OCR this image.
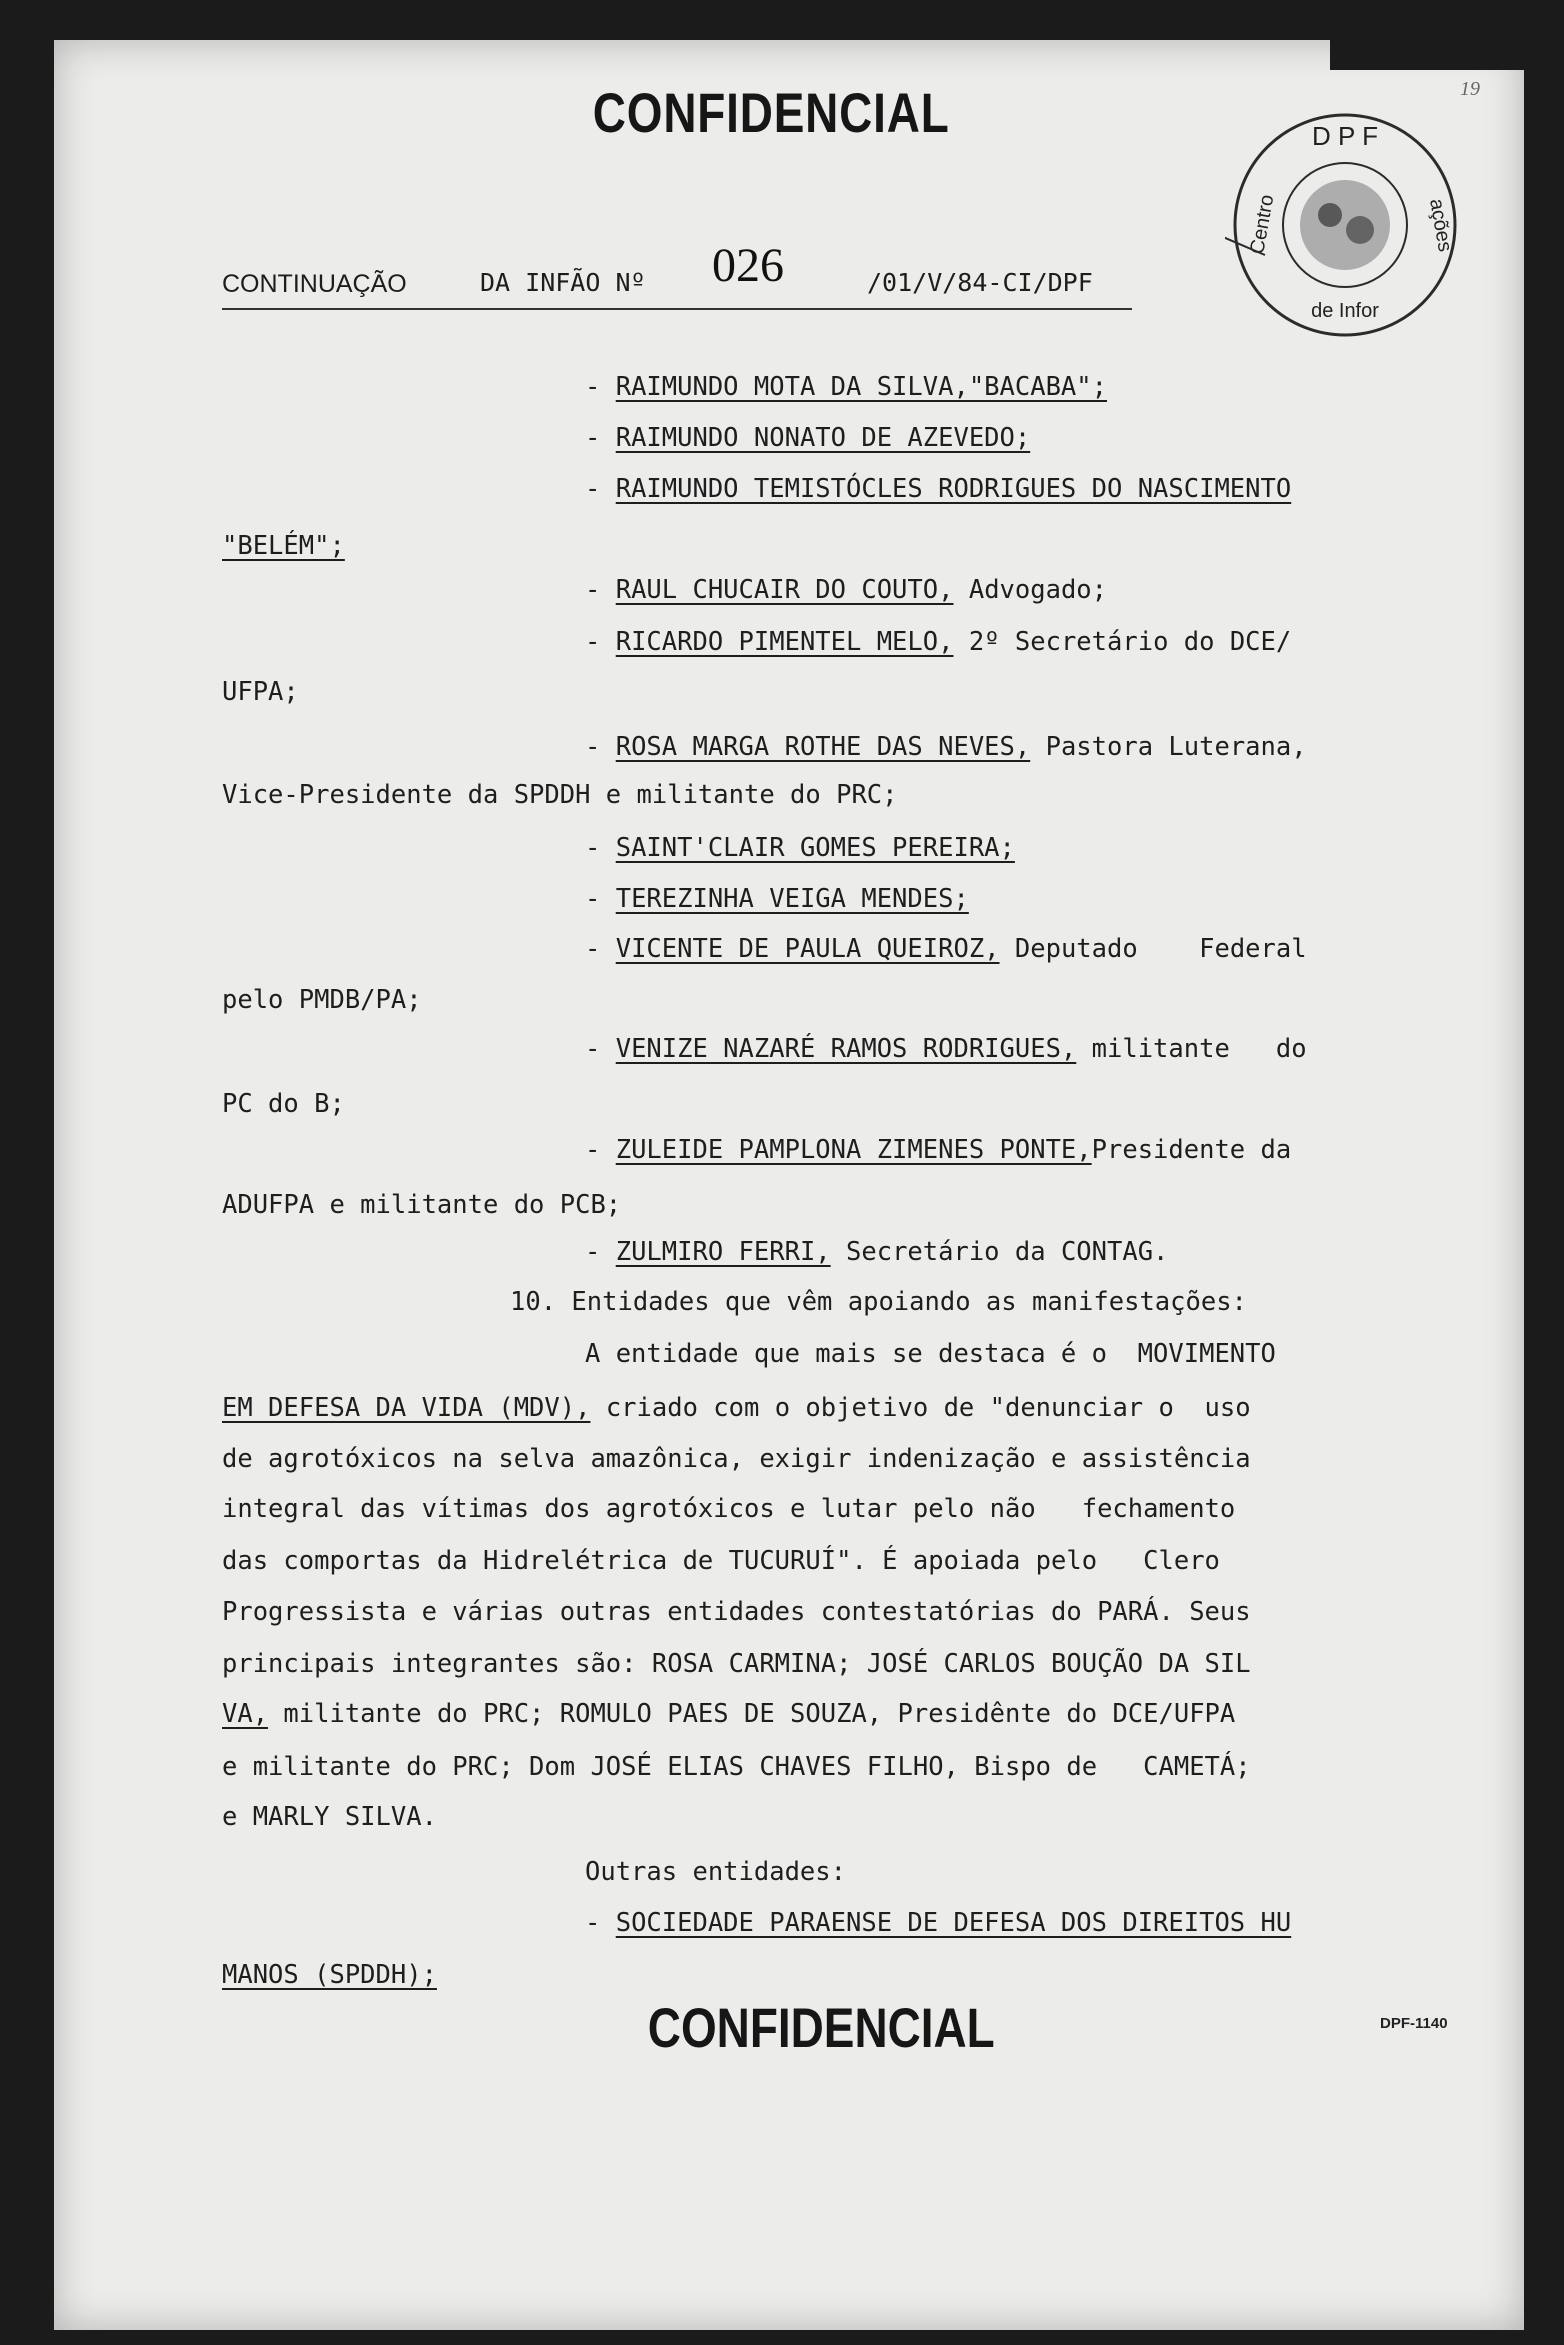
CONFIDENCIAL	19
CONTINUAÇÃO	DA INFÃO Nº 026	/01/V/84-CI/DPF
D P F
Centro	ações
de Infor
- RAIMUNDO MOTA DA SILVA,"BACABA";
- RAIMUNDO NONATO DE AZEVEDO;
- RAIMUNDO TEMISTÓCLES RODRIGUES DO NASCIMENTO
"BELÉM";
- RAUL CHUCAIR DO COUTO, Advogado;
- RICARDO PIMENTEL MELO, 2º Secretário do DCE/
UFPA;
- ROSA MARGA ROTHE DAS NEVES, Pastora Luterana,
Vice-Presidente da SPDDH e militante do PRC;
- SAINT'CLAIR GOMES PEREIRA;
- TEREZINHA VEIGA MENDES;
- VICENTE DE PAULA QUEIROZ, Deputado    Federal
pelo PMDB/PA;
- VENIZE NAZARÉ RAMOS RODRIGUES, militante   do
PC do B;
- ZULEIDE PAMPLONA ZIMENES PONTE,Presidente da
ADUFPA e militante do PCB;
- ZULMIRO FERRI, Secretário da CONTAG.
10. Entidades que vêm apoiando as manifestações:
A entidade que mais se destaca é o  MOVIMENTO
EM DEFESA DA VIDA (MDV), criado com o objetivo de "denunciar o  uso
de agrotóxicos na selva amazônica, exigir indenização e assistência
integral das vítimas dos agrotóxicos e lutar pelo não   fechamento
das comportas da Hidrelétrica de TUCURUÍ". É apoiada pelo   Clero
Progressista e várias outras entidades contestatórias do PARÁ. Seus
principais integrantes são: ROSA CARMINA; JOSÉ CARLOS BOUÇÃO DA SIL
VA, militante do PRC; ROMULO PAES DE SOUZA, Presidênte do DCE/UFPA
e militante do PRC; Dom JOSÉ ELIAS CHAVES FILHO, Bispo de   CAMETÁ;
e MARLY SILVA.
Outras entidades:
- SOCIEDADE PARAENSE DE DEFESA DOS DIREITOS HU
MANOS (SPDDH);
CONFIDENCIAL	DPF-1140
